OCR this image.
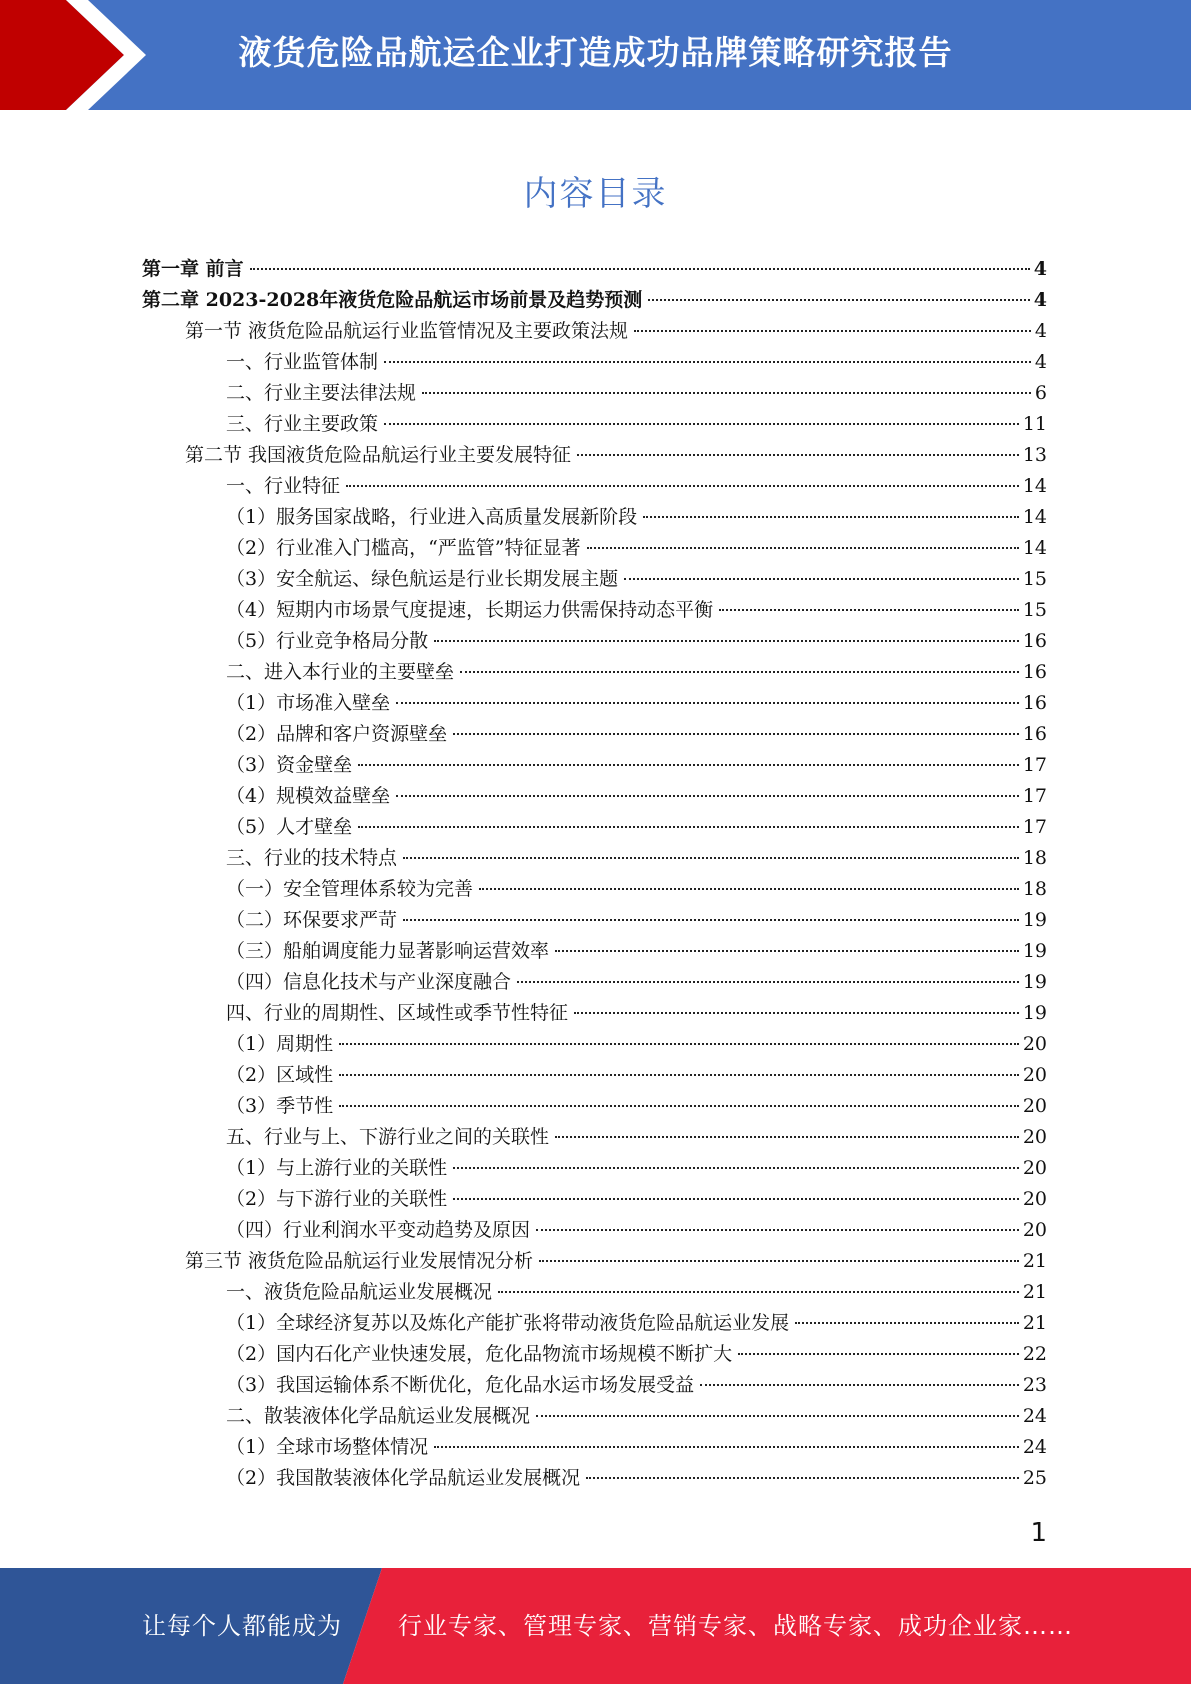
液货危险品航运企业打造成功品牌策略研究报告
内容目录
第一章 前言	4
第二章 2023-2028年液货危险品航运市场前景及趋势预测	4
第一节 液货危险品航运行业监管情况及主要政策法规	4
一、行业监管体制	4
二、行业主要法律法规	6
三、行业主要政策	11
第二节 我国液货危险品航运行业主要发展特征	13
一、行业特征	14
（1）服务国家战略，行业进入高质量发展新阶段	14
（2）行业准入门槛高，“严监管”特征显著	14
（3）安全航运、绿色航运是行业长期发展主题	15
（4）短期内市场景气度提速，长期运力供需保持动态平衡	15
（5）行业竞争格局分散	16
二、进入本行业的主要壁垒	16
（1）市场准入壁垒	16
（2）品牌和客户资源壁垒	16
（3）资金壁垒	17
（4）规模效益壁垒	17
（5）人才壁垒	17
三、行业的技术特点	18
（一）安全管理体系较为完善	18
（二）环保要求严苛	19
（三）船舶调度能力显著影响运营效率	19
（四）信息化技术与产业深度融合	19
四、行业的周期性、区域性或季节性特征	19
（1）周期性	20
（2）区域性	20
（3）季节性	20
五、行业与上、下游行业之间的关联性	20
（1）与上游行业的关联性	20
（2）与下游行业的关联性	20
（四）行业利润水平变动趋势及原因	20
第三节 液货危险品航运行业发展情况分析	21
一、液货危险品航运业发展概况	21
（1）全球经济复苏以及炼化产能扩张将带动液货危险品航运业发展	21
（2）国内石化产业快速发展，危化品物流市场规模不断扩大	22
（3）我国运输体系不断优化，危化品水运市场发展受益	23
二、散装液体化学品航运业发展概况	24
（1）全球市场整体情况	24
（2）我国散装液体化学品航运业发展概况	25
1
让每个人都能成为 行业专家、管理专家、营销专家、战略专家、成功企业家……
